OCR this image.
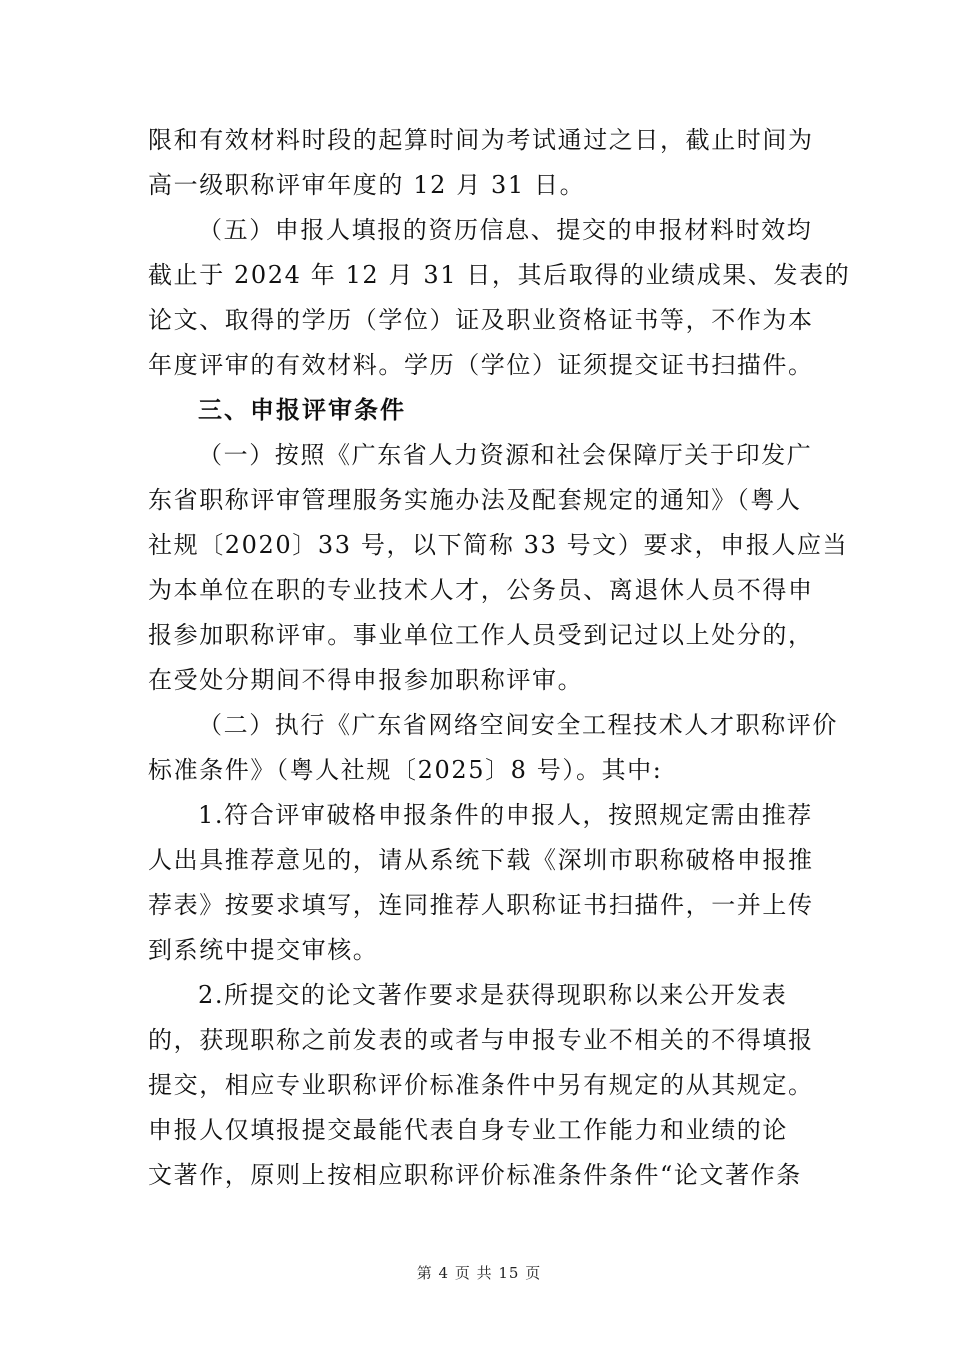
限和有效材料时段的起算时间为考试通过之日，截止时间为
高一级职称评审年度的 12 月 31 日。
（五）申报人填报的资历信息、提交的申报材料时效均
截止于 2024 年 12 月 31 日，其后取得的业绩成果、发表的
论文、取得的学历（学位）证及职业资格证书等，不作为本
年度评审的有效材料。学历（学位）证须提交证书扫描件。
三、申报评审条件
（一）按照《广东省人力资源和社会保障厅关于印发广
东省职称评审管理服务实施办法及配套规定的通知》（粤人
社规〔2020〕33 号，以下简称 33 号文）要求，申报人应当
为本单位在职的专业技术人才，公务员、离退休人员不得申
报参加职称评审。事业单位工作人员受到记过以上处分的，
在受处分期间不得申报参加职称评审。
（二）执行《广东省网络空间安全工程技术人才职称评价
标准条件》（粤人社规〔2025〕8 号）。其中:
1.符合评审破格申报条件的申报人，按照规定需由推荐
人出具推荐意见的，请从系统下载《深圳市职称破格申报推
荐表》按要求填写，连同推荐人职称证书扫描件，一并上传
到系统中提交审核。
2.所提交的论文著作要求是获得现职称以来公开发表
的，获现职称之前发表的或者与申报专业不相关的不得填报
提交，相应专业职称评价标准条件中另有规定的从其规定。
申报人仅填报提交最能代表自身专业工作能力和业绩的论
文著作，原则上按相应职称评价标准条件条件“论文著作条
第 4 页 共 15 页
